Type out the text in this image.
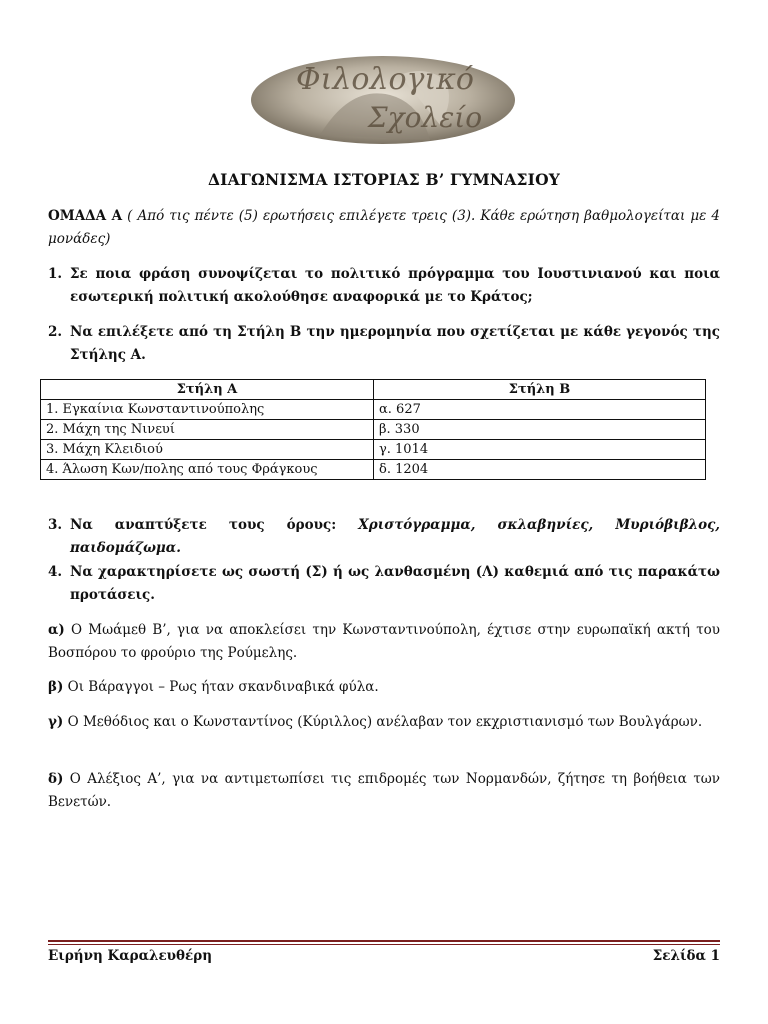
Φιλολογικό
Σχολείο
ΔΙΑΓΩΝΙΣΜΑ ΙΣΤΟΡΙΑΣ Β’ ΓΥΜΝΑΣΙΟΥ
ΟΜΑΔΑ Α ( Από τις πέντε (5) ερωτήσεις επιλέγετε τρεις (3). Κάθε ερώτηση βαθμολογείται με 4 μονάδες)
1. Σε ποια φράση συνοψίζεται το πολιτικό πρόγραμμα του Ιουστινιανού και ποια εσωτερική πολιτική ακολούθησε αναφορικά με το Κράτος;
2. Να επιλέξετε από τη Στήλη Β την ημερομηνία που σχετίζεται με κάθε γεγονός της Στήλης Α.
Στήλη Α	Στήλη Β
1. Εγκαίνια Κωνσταντινούπολης	α. 627
2. Μάχη της Νινευί	β. 330
3. Μάχη Κλειδιού	γ. 1014
4. Άλωση Κων/πολης από τους Φράγκους	δ. 1204
3. Να αναπτύξετε τους όρους: Χριστόγραμμα, σκλαβηνίες, Μυριόβιβλος, παιδομάζωμα.
4. Να χαρακτηρίσετε ως σωστή (Σ) ή ως λανθασμένη (Λ) καθεμιά από τις παρακάτω προτάσεις.
α) Ο Μωάμεθ Β’, για να αποκλείσει την Κωνσταντινούπολη, έχτισε στην ευρωπαϊκή ακτή του Βοσπόρου το φρούριο της Ρούμελης.
β) Οι Βάραγγοι – Ρως ήταν σκανδιναβικά φύλα.
γ) Ο Μεθόδιος και ο Κωνσταντίνος (Κύριλλος) ανέλαβαν τον εκχριστιανισμό των Βουλγάρων.
δ) Ο Αλέξιος Α’, για να αντιμετωπίσει τις επιδρομές των Νορμανδών, ζήτησε τη βοήθεια των Βενετών.
Ειρήνη Καραλευθέρη	Σελίδα 1
